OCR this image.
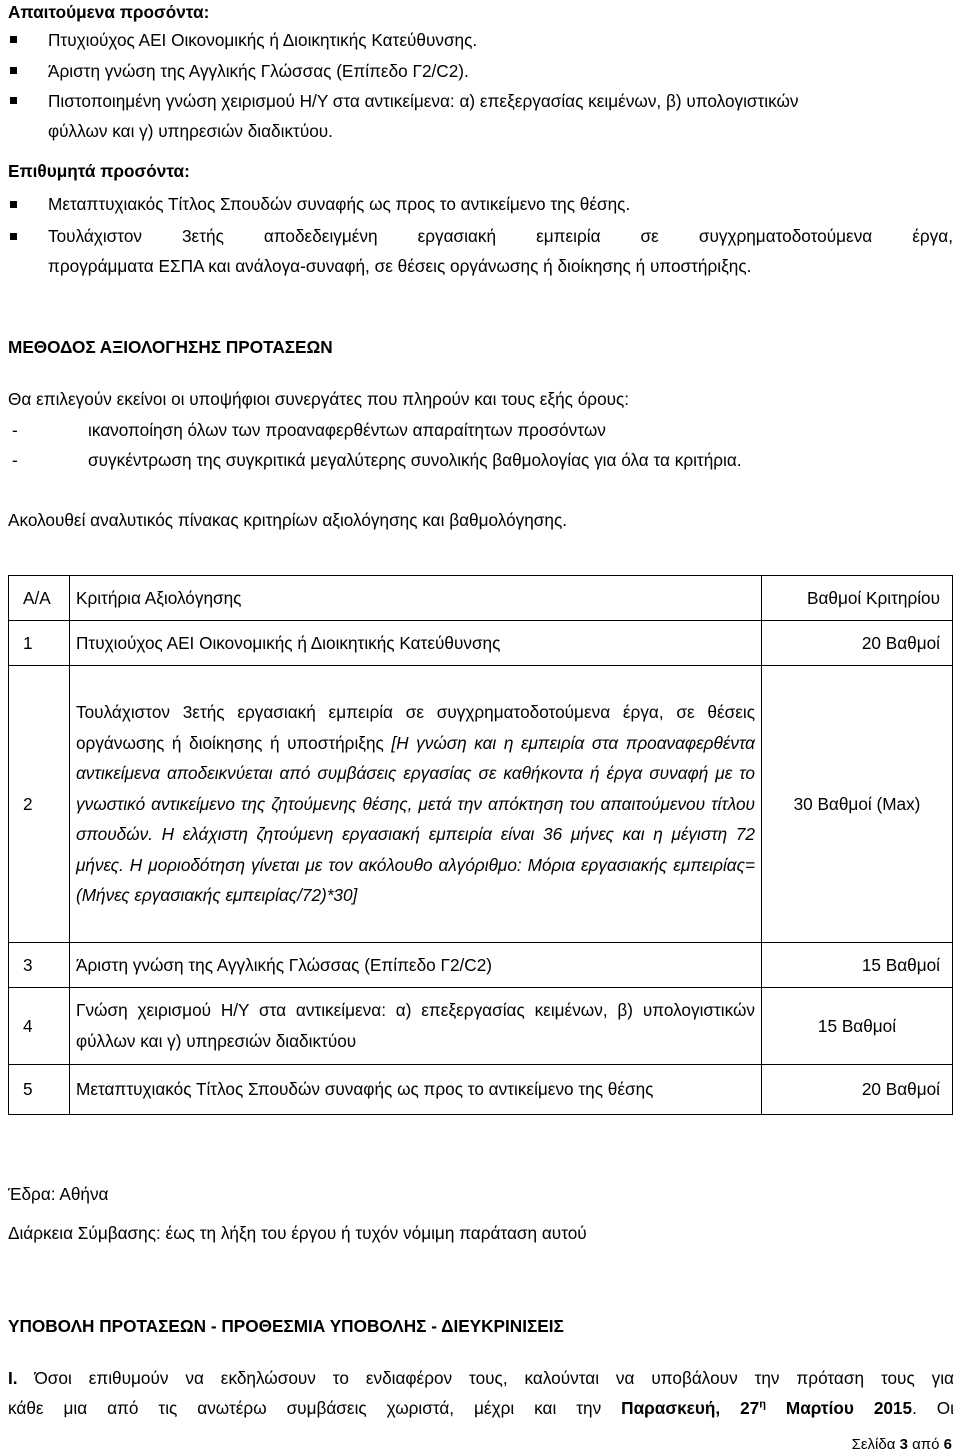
Απαιτούμενα προσόντα:
Πτυχιούχος ΑΕΙ Οικονομικής ή Διοικητικής Κατεύθυνσης.
Άριστη γνώση της Αγγλικής Γλώσσας (Επίπεδο Γ2/C2).
Πιστοποιημένη γνώση χειρισμού Η/Υ στα αντικείμενα: α) επεξεργασίας κειμένων, β) υπολογιστικών
φύλλων και γ) υπηρεσιών διαδικτύου.
Επιθυμητά προσόντα:
Μεταπτυχιακός Τίτλος Σπουδών συναφής ως προς το αντικείμενο της θέσης.
Τουλάχιστον 3ετής αποδεδειγμένη εργασιακή εμπειρία σε συγχρηματοδοτούμενα έργα,
προγράμματα ΕΣΠΑ και ανάλογα-συναφή, σε θέσεις οργάνωσης ή διοίκησης ή υποστήριξης.
ΜΕΘΟΔΟΣ ΑΞΙΟΛΟΓΗΣΗΣ ΠΡΟΤΑΣΕΩΝ
Θα επιλεγούν εκείνοι οι υποψήφιοι συνεργάτες που πληρούν και τους εξής όρους:
-	ικανοποίηση όλων των προαναφερθέντων απαραίτητων προσόντων
-	συγκέντρωση της συγκριτικά μεγαλύτερης συνολικής βαθμολογίας για όλα τα κριτήρια.
Ακολουθεί αναλυτικός πίνακας κριτηρίων αξιολόγησης και βαθμολόγησης.
Α/Α	Κριτήρια Αξιολόγησης	Βαθμοί Κριτηρίου
1	Πτυχιούχος ΑΕΙ Οικονομικής ή Διοικητικής Κατεύθυνσης	20 Βαθμοί
2	Τουλάχιστον 3ετής εργασιακή εμπειρία σε συγχρηματοδοτούμενα έργα, σε θέσεις οργάνωσης ή διοίκησης ή υποστήριξης [Η γνώση και η εμπειρία στα προαναφερθέντα αντικείμενα αποδεικνύεται από συμβάσεις εργασίας σε καθήκοντα ή έργα συναφή με το γνωστικό αντικείμενο της ζητούμενης θέσης, μετά την απόκτηση του απαιτούμενου τίτλου σπουδών. Η ελάχιστη ζητούμενη εργασιακή εμπειρία είναι 36 μήνες και η μέγιστη 72 μήνες. Η μοριοδότηση γίνεται με τον ακόλουθο αλγόριθμο: Μόρια εργασιακής εμπειρίας=(Μήνες εργασιακής εμπειρίας/72)*30]	30 Βαθμοί (Max)
3	Άριστη γνώση της Αγγλικής Γλώσσας (Επίπεδο Γ2/C2)	15 Βαθμοί
4	Γνώση χειρισμού Η/Υ στα αντικείμενα: α) επεξεργασίας κειμένων, β) υπολογιστικών φύλλων και γ) υπηρεσιών διαδικτύου	15 Βαθμοί
5	Μεταπτυχιακός Τίτλος Σπουδών συναφής ως προς το αντικείμενο της θέσης	20 Βαθμοί
Έδρα: Αθήνα
Διάρκεια Σύμβασης: έως τη λήξη του έργου ή τυχόν νόμιμη παράταση αυτού
ΥΠΟΒΟΛΗ ΠΡΟΤΑΣΕΩΝ - ΠΡΟΘΕΣΜΙΑ ΥΠΟΒΟΛΗΣ - ΔΙΕΥΚΡΙΝΙΣΕΙΣ
Ι. Όσοι επιθυμούν να εκδηλώσουν το ενδιαφέρον τους, καλούνται να υποβάλουν την πρόταση τους για
κάθε μια από τις ανωτέρω συμβάσεις χωριστά, μέχρι και την Παρασκευή, $27^\eta$ Μαρτίου 2015. Οι
Σελίδα 3 από 6
